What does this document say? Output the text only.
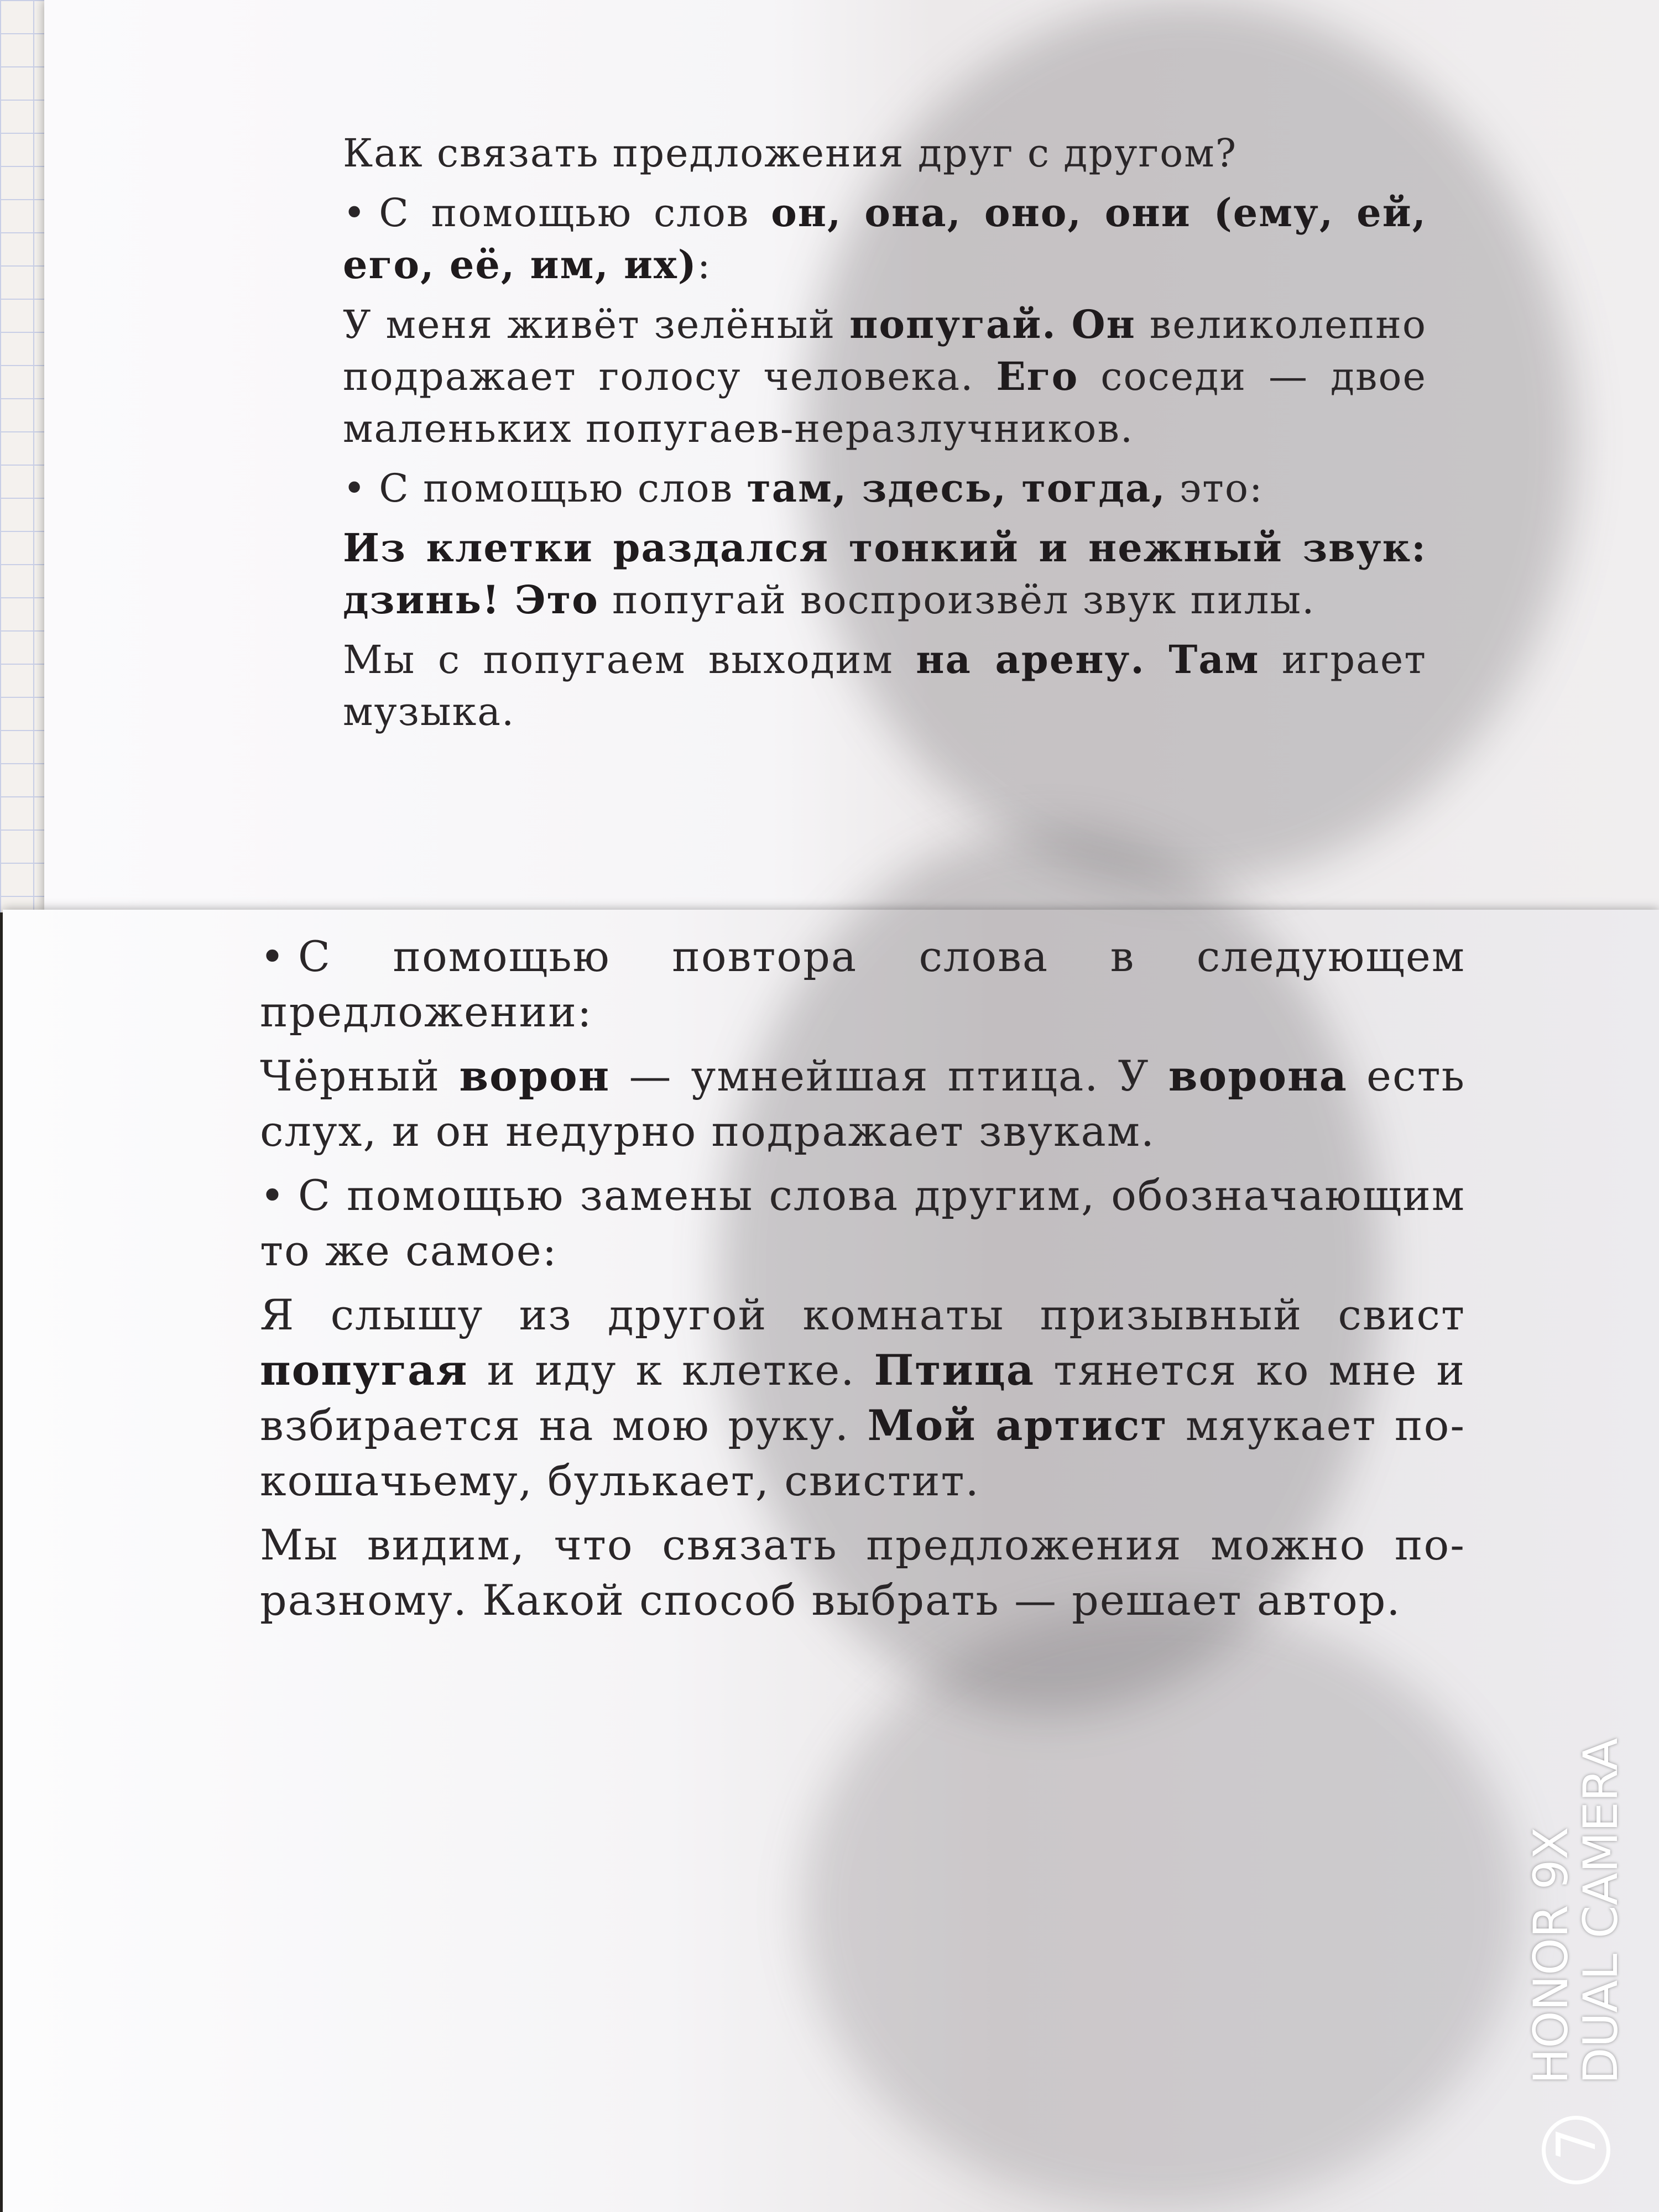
Как связать предложения друг с другом?

• С помощью слов он, она, оно, они (ему, ей, его, её, им, их):

У меня живёт зелёный попугай. Он великолепно подражает голосу человека. Его соседи — двое маленьких попугаев-неразлучников.

• С помощью слов там, здесь, тогда, это:

Из клетки раздался тонкий и нежный звук: дзинь! Это попугай воспроизвёл звук пилы.

Мы с попугаем выходим на арену. Там играет музыка.

• С помощью повтора слова в следующем предложении:

Чёрный ворон — умнейшая птица. У ворона есть слух, и он недурно подражает звукам.

• С помощью замены слова другим, обозначающим то же самое:

Я слышу из другой комнаты призывный свист попугая и иду к клетке. Птица тянется ко мне и взбирается на мою руку. Мой артист мяукает по-кошачьему, булькает, свистит.

Мы видим, что связать предложения можно по-разному. Какой способ выбрать — решает автор.

HONOR 9X
DUAL CAMERA
